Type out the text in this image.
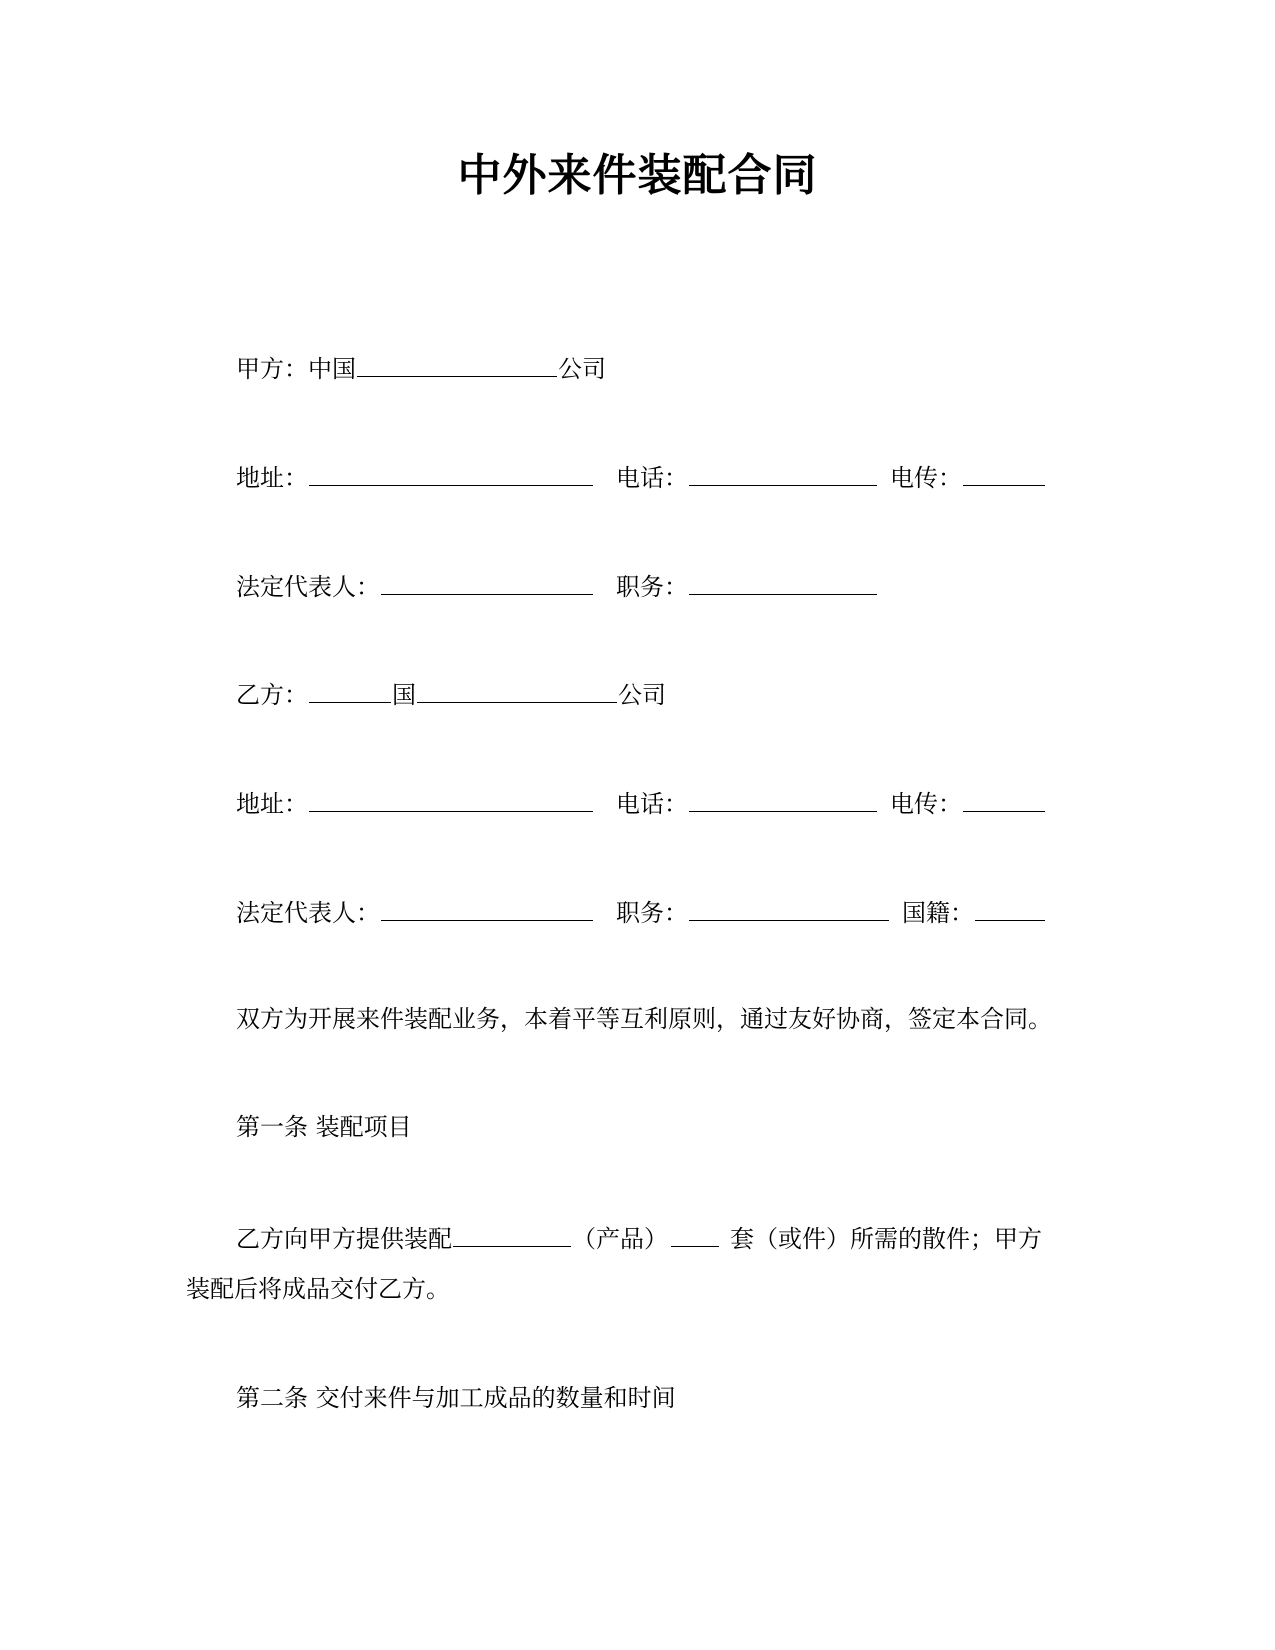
中外来件装配合同
甲方：中国	公司
地址：	电话：	电传：
法定代表人：	职务：
乙方：	国	公司
地址：	电话：	电传：
法定代表人：	职务：	国籍：
双方为开展来件装配业务，本着平等互利原则，通过友好协商，签定本合同。
第一条 装配项目
乙方向甲方提供装配	（产品）	套（或件）所需的散件；甲方
装配后将成品交付乙方。
第二条 交付来件与加工成品的数量和时间
